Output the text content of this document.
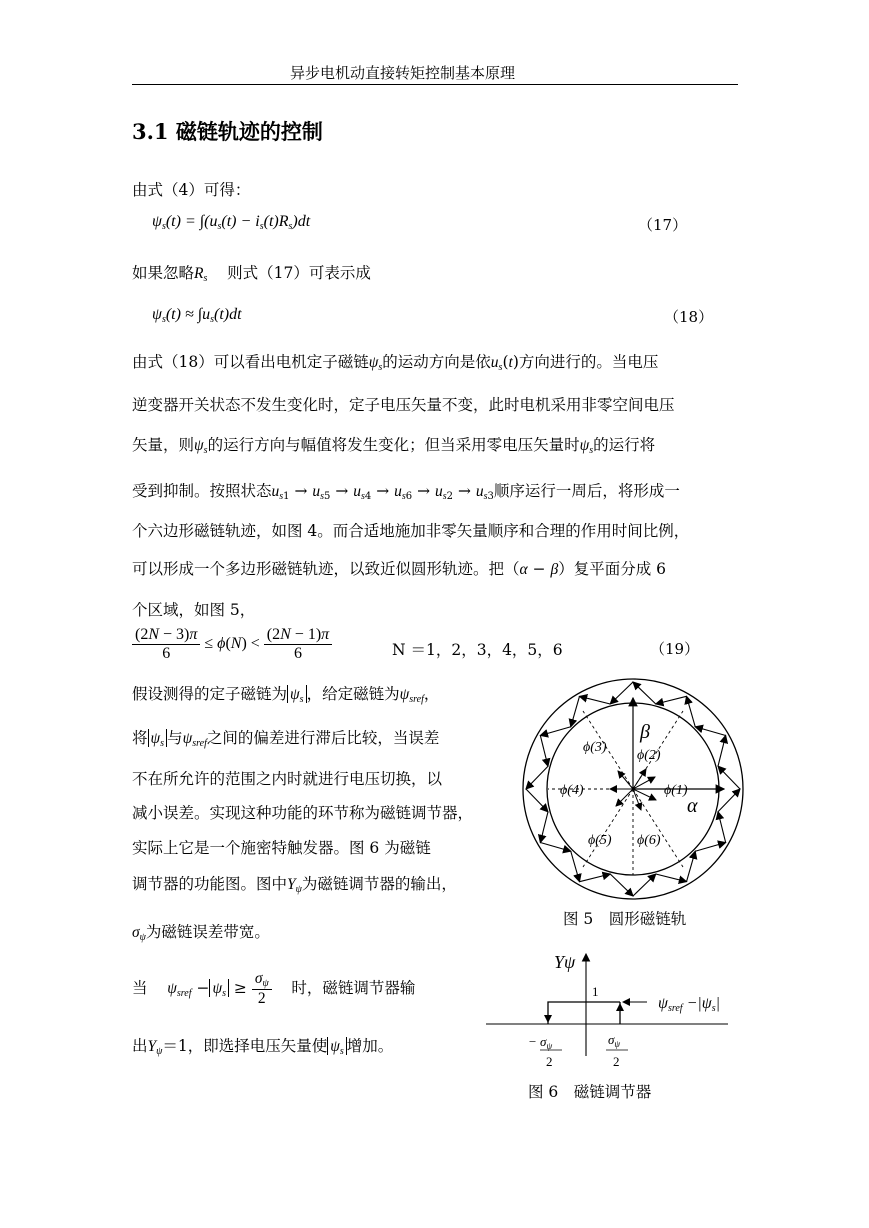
异步电机动直接转矩控制基本原理
3.1 磁链轨迹的控制
由式（4）可得：
$\psi_s(t) = \int(u_s(t) - i_s(t)R_s)dt$	（17）
如果忽略$R_s$ 则式（17）可表示成
$\psi_s(t) \approx \int u_s(t)dt$	（18）
由式（18）可以看出电机定子磁链$\psi_s$的运动方向是依$u_s(t)$方向进行的。当电压
逆变器开关状态不发生变化时，定子电压矢量不变，此时电机采用非零空间电压
矢量，则$\psi_s$的运行方向与幅值将发生变化；但当采用零电压矢量时$\psi_s$的运行将
受到抑制。按照状态$u_{s1} \to u_{s5} \to u_{s4} \to u_{s6} \to u_{s2} \to u_{s3}$顺序运行一周后，将形成一
个六边形磁链轨迹，如图 4。而合适地施加非零矢量顺序和合理的作用时间比例，
可以形成一个多边形磁链轨迹，以致近似圆形轨迹。把（α − β）复平面分成 6
个区域，如图 5，
$\frac{(2N - 3)\pi}{6} \le \phi(N) < \frac{(2N - 1)\pi}{6}$	N ＝1，2，3，4，5，6	（19）
假设测得的定子磁链为 $\psi_s$ ，给定磁链为$\psi_{sref}$，
将 $\psi_s$ 与$\psi_{sref}$之间的偏差进行滞后比较，当误差
不在所允许的范围之内时就进行电压切换，以
减小误差。实现这种功能的环节称为磁链调节器，
实际上它是一个施密特触发器。图 6 为磁链
调节器的功能图。图中$Y_\psi$为磁链调节器的输出，
$\sigma_\psi$为磁链误差带宽。
当 $\psi_{sref} - \psi_s \ge \frac{\sigma_\psi}{2}$ 时，磁链调节器输
出$Y_\psi=1$，即选择电压矢量使 $\psi_s$ 增加。
β
α
ϕ(1)
ϕ(2)
ϕ(3)
ϕ(4)
ϕ(5) ϕ(6)
图 5　圆形磁链轨
Yψ
1
ψsref −|ψs|
− $\sigma_\psi$
2
$\sigma_\psi$
2
图 6　磁链调节器
